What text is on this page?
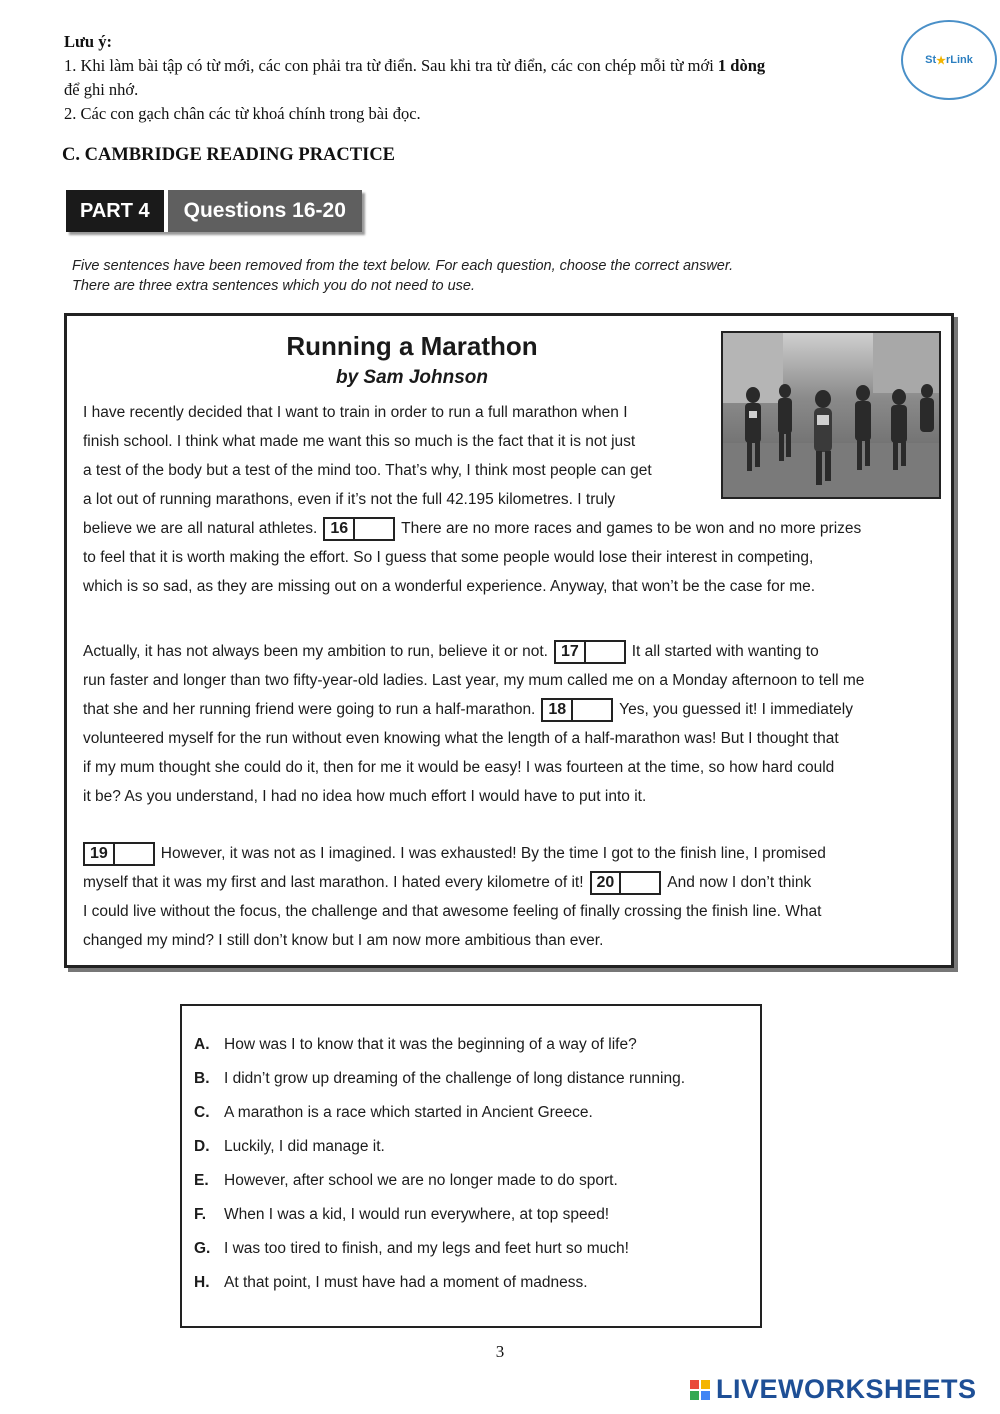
Lưu ý:
1. Khi làm bài tập có từ mới, các con phải tra từ điển. Sau khi tra từ điển, các con chép mỗi từ mới 1 dòng
để ghi nhớ.
2. Các con gạch chân các từ khoá chính trong bài đọc.
St ★ rLink
C. CAMBRIDGE READING PRACTICE
PART 4	Questions 16-20
Five sentences have been removed from the text below. For each question, choose the correct answer.
There are three extra sentences which you do not need to use.
Running a Marathon
by Sam Johnson
I have recently decided that I want to train in order to run a full marathon when I
finish school. I think what made me want this so much is the fact that it is not just
a test of the body but a test of the mind too. That’s why, I think most people can get
a lot out of running marathons, even if it’s not the full 42.195 kilometres. I truly
believe we are all natural athletes. 16	There are no more races and games to be won and no more prizes
to feel that it is worth making the effort. So I guess that some people would lose their interest in competing,
which is so sad, as they are missing out on a wonderful experience. Anyway, that won’t be the case for me.
Actually, it has not always been my ambition to run, believe it or not. 17	It all started with wanting to
run faster and longer than two fifty-year-old ladies. Last year, my mum called me on a Monday afternoon to tell me
that she and her running friend were going to run a half-marathon. 18	Yes, you guessed it! I immediately
volunteered myself for the run without even knowing what the length of a half-marathon was! But I thought that
if my mum thought she could do it, then for me it would be easy! I was fourteen at the time, so how hard could
it be? As you understand, I had no idea how much effort I would have to put into it.
19	However, it was not as I imagined. I was exhausted! By the time I got to the finish line, I promised
myself that it was my first and last marathon. I hated every kilometre of it! 20	And now I don’t think
I could live without the focus, the challenge and that awesome feeling of finally crossing the finish line. What
changed my mind? I still don’t know but I am now more ambitious than ever.
A. How was I to know that it was the beginning of a way of life?
B. I didn’t grow up dreaming of the challenge of long distance running.
C. A marathon is a race which started in Ancient Greece.
D. Luckily, I did manage it.
E. However, after school we are no longer made to do sport.
F. When I was a kid, I would run everywhere, at top speed!
G. I was too tired to finish, and my legs and feet hurt so much!
H. At that point, I must have had a moment of madness.
3
LIVEWORKSHEETS
